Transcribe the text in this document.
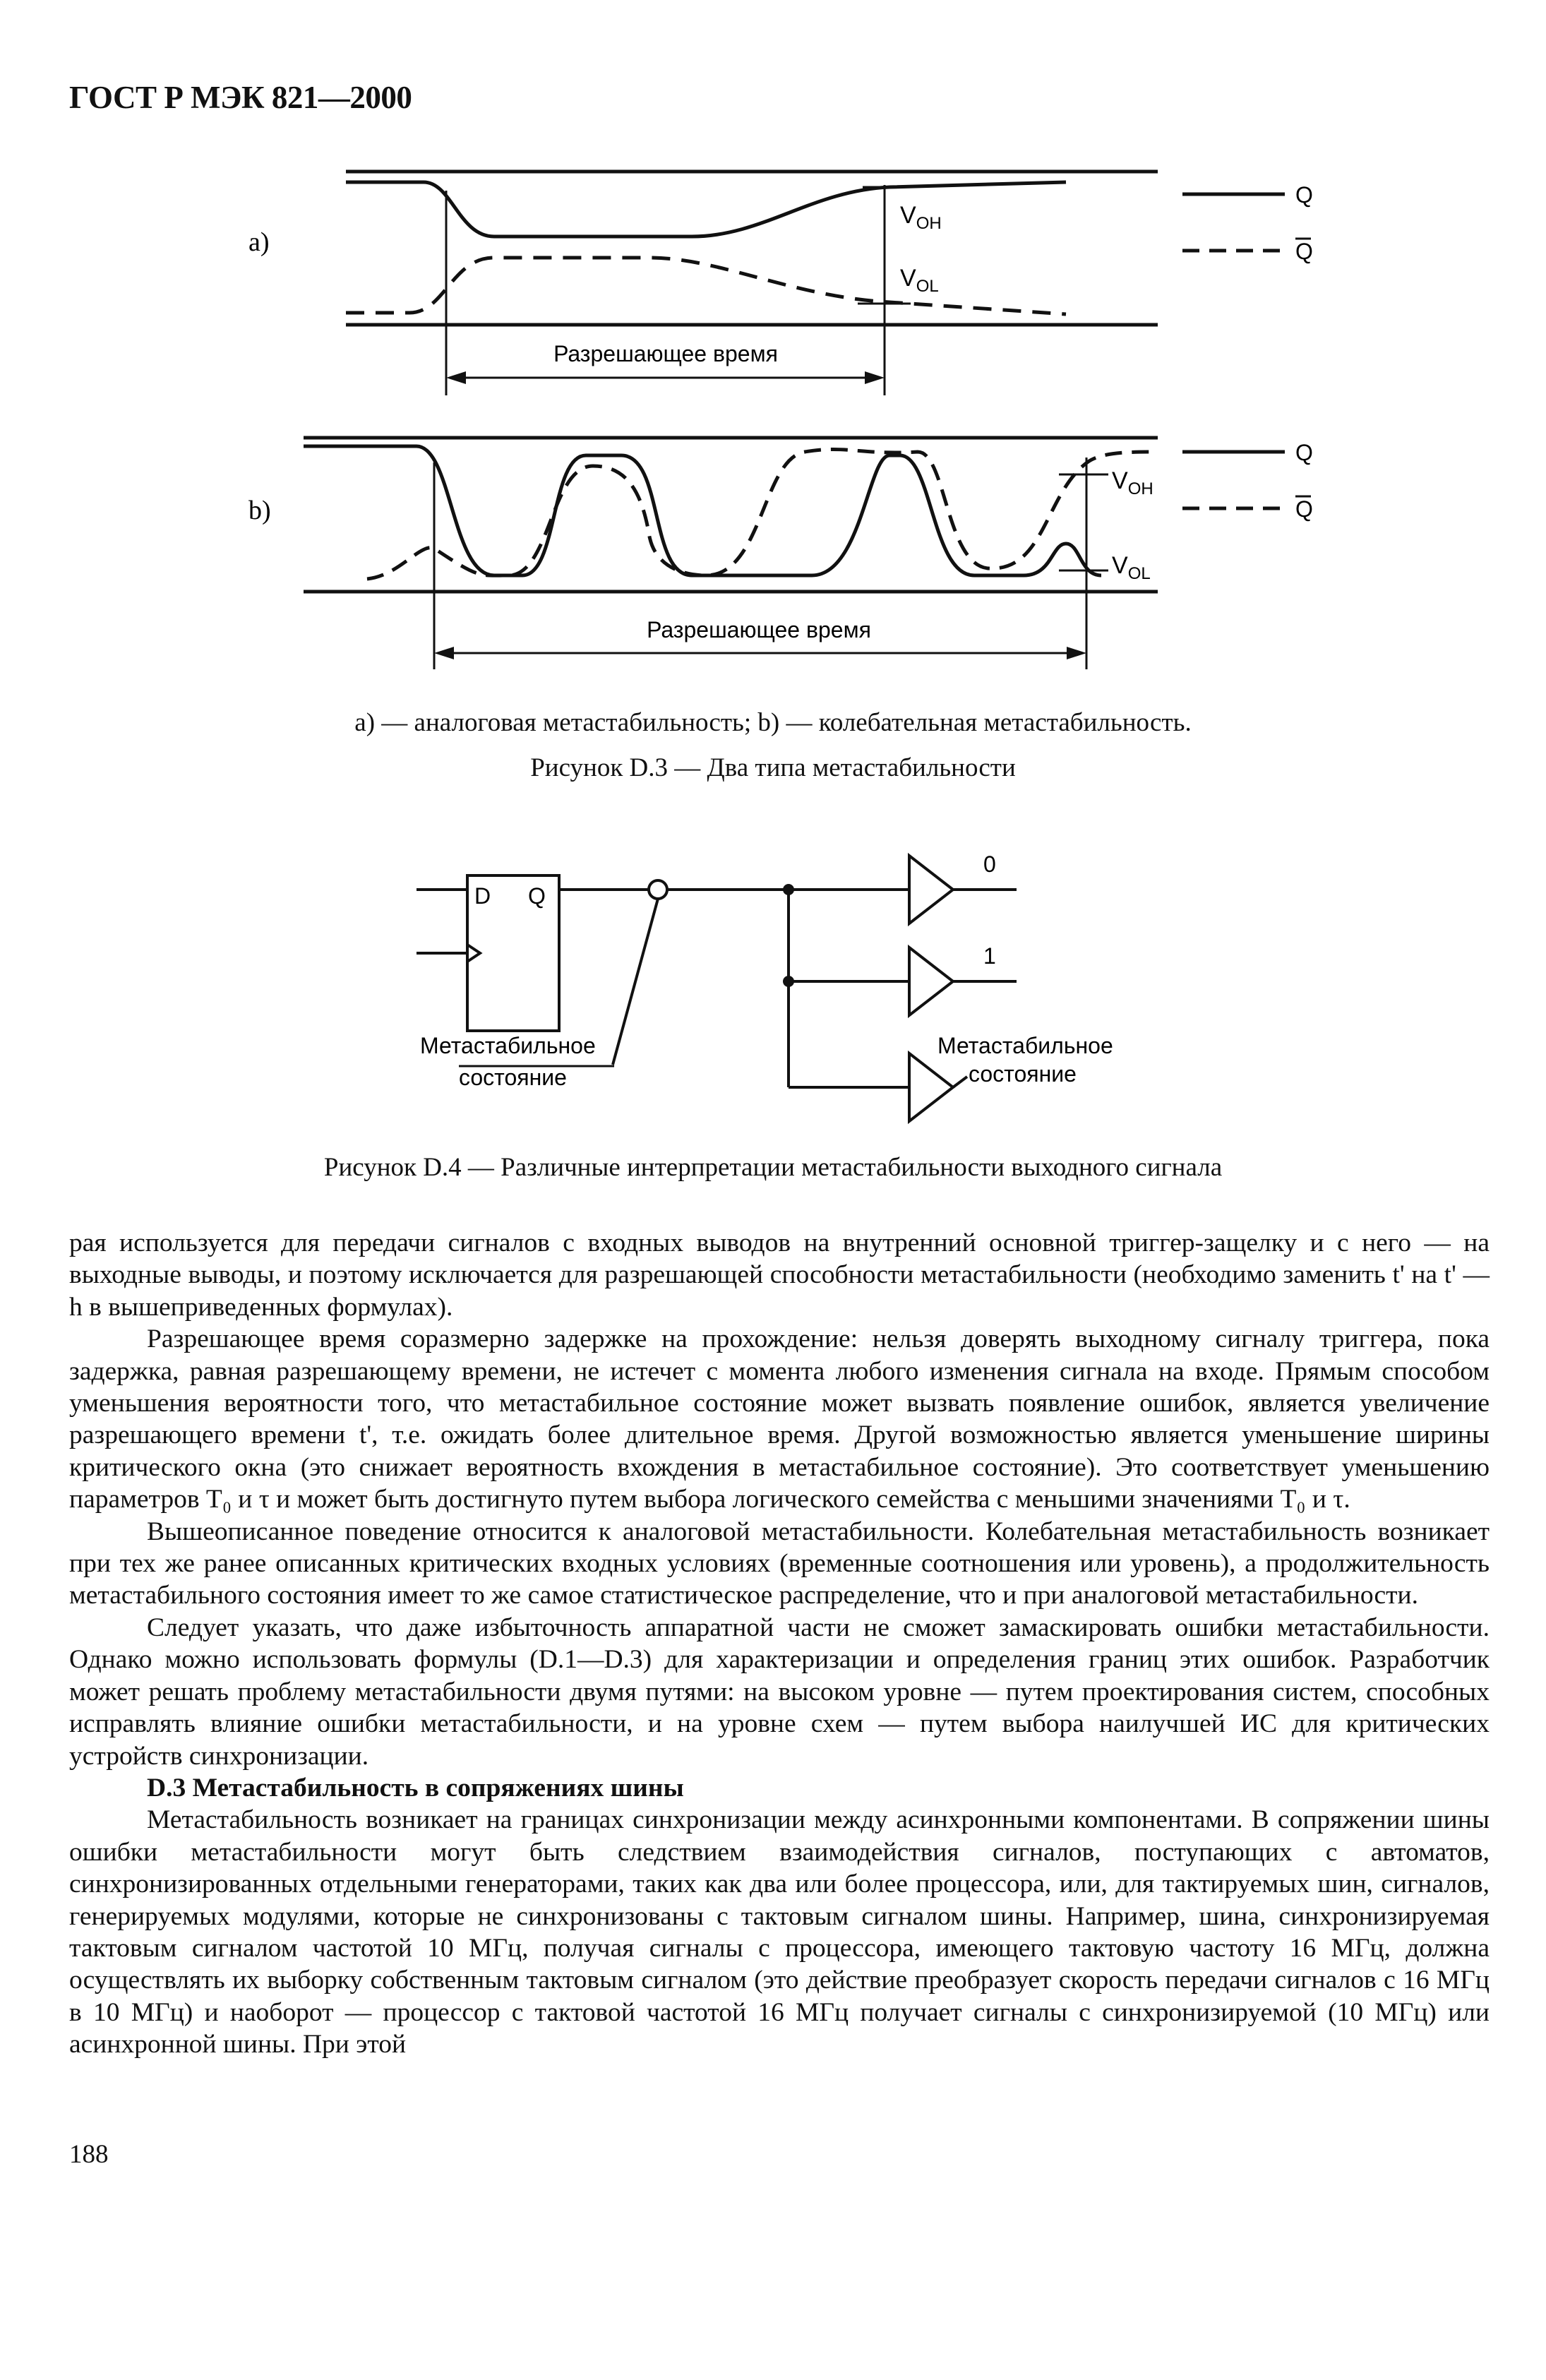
ГОСТ Р МЭК 821—2000

а)
$V_{OH}$
$V_{OL}$
Разрешающее время
Q
Q
b)
$V_{OH}$
$V_{OL}$
Разрешающее время
Q
Q

а) — аналоговая метастабильность; b) — колебательная метастабильность.

Рисунок D.3 — Два типа метастабильности

D Q
0
1
Метастабильное
состояние
Метастабильное
состояние

Рисунок D.4 — Различные интерпретации метастабильности выходного сигнала

рая используется для передачи сигналов с входных выводов на внутренний основной триггер-защелку и с него — на выходные выводы, и поэтому исключается для разрешающей способности метастабильности (необходимо заменить t' на t' — h в вышеприведенных формулах).

Разрешающее время соразмерно задержке на прохождение: нельзя доверять выходному сигналу триггера, пока задержка, равная разрешающему времени, не истечет с момента любого изменения сигнала на входе. Прямым способом уменьшения вероятности того, что метастабильное состояние может вызвать появление ошибок, является увеличение разрешающего времени t', т.е. ожидать более длительное время. Другой возможностью является уменьшение ширины критического окна (это снижает вероятность вхождения в метастабильное состояние). Это соответствует уменьшению параметров T₀ и τ и может быть достигнуто путем выбора логического семейства с меньшими значениями T₀ и τ.

Вышеописанное поведение относится к аналоговой метастабильности. Колебательная метастабильность возникает при тех же ранее описанных критических входных условиях (временные соотношения или уровень), а продолжительность метастабильного состояния имеет то же самое статистическое распределение, что и при аналоговой метастабильности.

Следует указать, что даже избыточность аппаратной части не сможет замаскировать ошибки метастабильности. Однако можно использовать формулы (D.1—D.3) для характеризации и определения границ этих ошибок. Разработчик может решать проблему метастабильности двумя путями: на высоком уровне — путем проектирования систем, способных исправлять влияние ошибки метастабильности, и на уровне схем — путем выбора наилучшей ИС для критических устройств синхронизации.

D.3 Метастабильность в сопряжениях шины

Метастабильность возникает на границах синхронизации между асинхронными компонентами. В сопряжении шины ошибки метастабильности могут быть следствием взаимодействия сигналов, поступающих с автоматов, синхронизированных отдельными генераторами, таких как два или более процессора, или, для тактируемых шин, сигналов, генерируемых модулями, которые не синхронизованы с тактовым сигналом шины. Например, шина, синхронизируемая тактовым сигналом частотой 10 МГц, получая сигналы с процессора, имеющего тактовую частоту 16 МГц, должна осуществлять их выборку собственным тактовым сигналом (это действие преобразует скорость передачи сигналов с 16 МГц в 10 МГц) и наоборот — процессор с тактовой частотой 16 МГц получает сигналы с синхронизируемой (10 МГц) или асинхронной шины. При этой

188
